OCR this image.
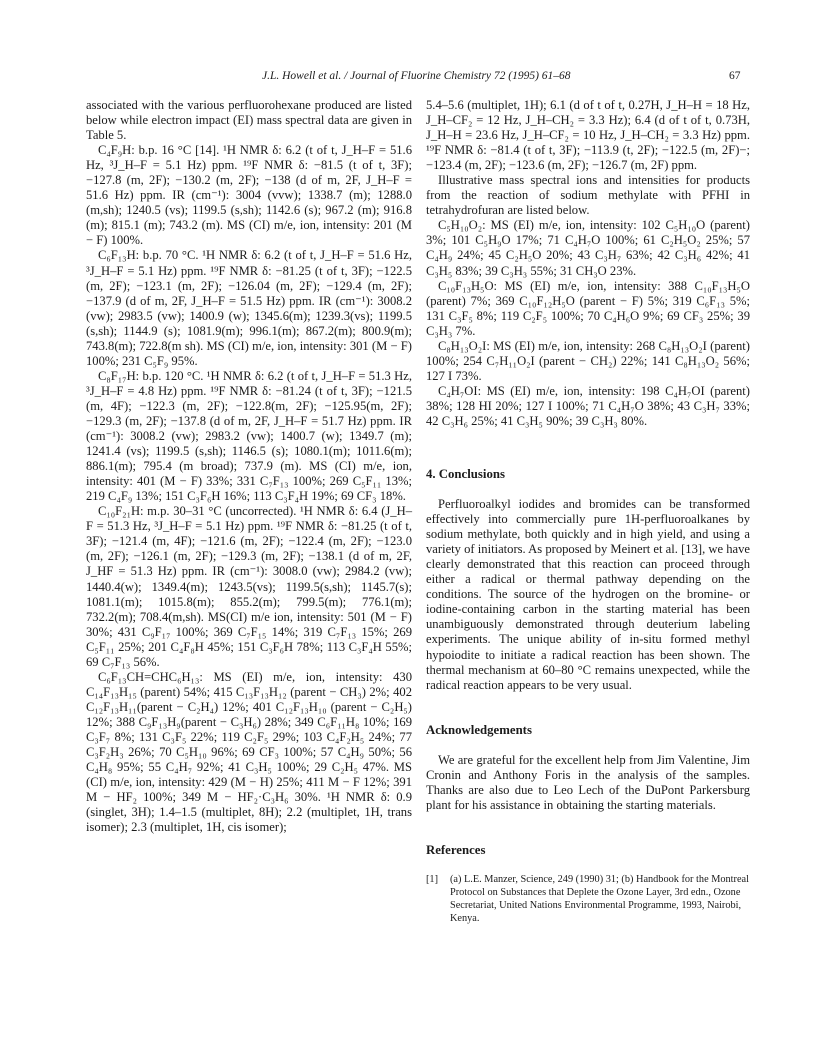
J.L. Howell et al. / Journal of Fluorine Chemistry 72 (1995) 61–68	67

associated with the various perfluorohexane produced are listed below while electron impact (EI) mass spectral data are given in Table 5.

C₄F₉H: b.p. 16 °C [14]. ¹H NMR δ: 6.2 (t of t, J_H–F = 51.6 Hz, ³J_H–F = 5.1 Hz) ppm. ¹⁹F NMR δ: −81.5 (t of t, 3F); −127.8 (m, 2F); −130.2 (m, 2F); −138 (d of m, 2F, J_H–F = 51.6 Hz) ppm. IR (cm⁻¹): 3004 (vvw); 1338.7 (m); 1288.0 (m,sh); 1240.5 (vs); 1199.5 (s,sh); 1142.6 (s); 967.2 (m); 916.8 (m); 815.1 (m); 743.2 (m). MS (CI) m/e, ion, intensity: 201 (M − F) 100%.

C₆F₁₃H: b.p. 70 °C. ¹H NMR δ: 6.2 (t of t, J_H–F = 51.6 Hz, ³J_H–F = 5.1 Hz) ppm. ¹⁹F NMR δ: −81.25 (t of t, 3F); −122.5 (m, 2F); −123.1 (m, 2F); −126.04 (m, 2F); −129.4 (m, 2F); −137.9 (d of m, 2F, J_H–F = 51.5 Hz) ppm. IR (cm⁻¹): 3008.2 (vw); 2983.5 (vw); 1400.9 (w); 1345.6(m); 1239.3(vs); 1199.5 (s,sh); 1144.9 (s); 1081.9(m); 996.1(m); 867.2(m); 800.9(m); 743.8(m); 722.8(m sh). MS (CI) m/e, ion, intensity: 301 (M − F) 100%; 231 C₅F₉ 95%.

C₈F₁₇H: b.p. 120 °C. ¹H NMR δ: 6.2 (t of t, J_H–F = 51.3 Hz, ³J_H–F = 4.8 Hz) ppm. ¹⁹F NMR δ: −81.24 (t of t, 3F); −121.5 (m, 4F); −122.3 (m, 2F); −122.8(m, 2F); −125.95(m, 2F); −129.3 (m, 2F); −137.8 (d of m, 2F, J_H–F = 51.7 Hz) ppm. IR (cm⁻¹): 3008.2 (vw); 2983.2 (vw); 1400.7 (w); 1349.7 (m); 1241.4 (vs); 1199.5 (s,sh); 1146.5 (s); 1080.1(m); 1011.6(m); 886.1(m); 795.4 (m broad); 737.9 (m). MS (CI) m/e, ion, intensity: 401 (M − F) 33%; 331 C₇F₁₃ 100%; 269 C₅F₁₁ 13%; 219 C₄F₉ 13%; 151 C₃F₆H 16%; 113 C₃F₄H 19%; 69 CF₃ 18%.

C₁₀F₂₁H: m.p. 30–31 °C (uncorrected). ¹H NMR δ: 6.4 (J_H–F = 51.3 Hz, ³J_H–F = 5.1 Hz) ppm. ¹⁹F NMR δ: −81.25 (t of t, 3F); −121.4 (m, 4F); −121.6 (m, 2F); −122.4 (m, 2F); −123.0 (m, 2F); −126.1 (m, 2F); −129.3 (m, 2F); −138.1 (d of m, 2F, J_HF = 51.3 Hz) ppm. IR (cm⁻¹): 3008.0 (vw); 2984.2 (vw); 1440.4(w); 1349.4(m); 1243.5(vs); 1199.5(s,sh); 1145.7(s); 1081.1(m); 1015.8(m); 855.2(m); 799.5(m); 776.1(m); 732.2(m); 708.4(m,sh). MS(CI) m/e ion, intensity: 501 (M − F) 30%; 431 C₉F₁₇ 100%; 369 C₇F₁₅ 14%; 319 C₇F₁₃ 15%; 269 C₅F₁₁ 25%; 201 C₄F₈H 45%; 151 C₃F₆H 78%; 113 C₃F₄H 55%; 69 C₇F₁₃ 56%.

C₆F₁₃CH=CHC₆H₁₃: MS (EI) m/e, ion, intensity: 430 C₁₄F₁₃H₁₅ (parent) 54%; 415 C₁₃F₁₃H₁₂ (parent − CH₃) 2%; 402 C₁₂F₁₃H₁₁(parent − C₂H₄) 12%; 401 C₁₂F₁₃H₁₀ (parent − C₂H₅) 12%; 388 C₉F₁₃H₉(parent − C₃H₆) 28%; 349 C₆F₁₁H₈ 10%; 169 C₃F₇ 8%; 131 C₃F₅ 22%; 119 C₂F₅ 29%; 103 C₄F₂H₅ 24%; 77 C₃F₂H₃ 26%; 70 C₅H₁₀ 96%; 69 CF₃ 100%; 57 C₄H₉ 50%; 56 C₄H₈ 95%; 55 C₄H₇ 92%; 41 C₃H₅ 100%; 29 C₂H₅ 47%. MS (CI) m/e, ion, intensity: 429 (M − H) 25%; 411 M − F 12%; 391 M − HF₂ 100%; 349 M − HF₂·C₃H₆ 30%. ¹H NMR δ: 0.9 (singlet, 3H); 1.4–1.5 (multiplet, 8H); 2.2 (multiplet, 1H, trans isomer); 2.3 (multiplet, 1H, cis isomer);

5.4–5.6 (multiplet, 1H); 6.1 (d of t of t, 0.27H, J_H–H = 18 Hz, J_H–CF₂ = 12 Hz, J_H–CH₂ = 3.3 Hz); 6.4 (d of t of t, 0.73H, J_H–H = 23.6 Hz, J_H–CF₂ = 10 Hz, J_H–CH₂ = 3.3 Hz) ppm. ¹⁹F NMR δ: −81.4 (t of t, 3F); −113.9 (t, 2F); −122.5 (m, 2F)−; −123.4 (m, 2F); −123.6 (m, 2F); −126.7 (m, 2F) ppm.

Illustrative mass spectral ions and intensities for products from the reaction of sodium methylate with PFHI in tetrahydrofuran are listed below.

C₅H₁₀O₂: MS (EI) m/e, ion, intensity: 102 C₅H₁₀O (parent) 3%; 101 C₅H₉O 17%; 71 C₄H₇O 100%; 61 C₂H₅O₂ 25%; 57 C₄H₉ 24%; 45 C₂H₅O 20%; 43 C₃H₇ 63%; 42 C₃H₆ 42%; 41 C₃H₅ 83%; 39 C₃H₃ 55%; 31 CH₃O 23%.

C₁₀F₁₃H₅O: MS (EI) m/e, ion, intensity: 388 C₁₀F₁₃H₅O (parent) 7%; 369 C₁₀F₁₂H₅O (parent − F) 5%; 319 C₆F₁₃ 5%; 131 C₃F₅ 8%; 119 C₂F₅ 100%; 70 C₄H₆O 9%; 69 CF₃ 25%; 39 C₃H₃ 7%.

C₈H₁₃O₂I: MS (EI) m/e, ion, intensity: 268 C₈H₁₃O₂I (parent) 100%; 254 C₇H₁₁O₂I (parent − CH₂) 22%; 141 C₈H₁₃O₂ 56%; 127 I 73%.

C₄H₇OI: MS (EI) m/e, ion, intensity: 198 C₄H₇OI (parent) 38%; 128 HI 20%; 127 I 100%; 71 C₄H₇O 38%; 43 C₃H₇ 33%; 42 C₃H₆ 25%; 41 C₃H₅ 90%; 39 C₃H₃ 80%.

4. Conclusions

Perfluoroalkyl iodides and bromides can be transformed effectively into commercially pure 1H-perfluoroalkanes by sodium methylate, both quickly and in high yield, and using a variety of initiators. As proposed by Meinert et al. [13], we have clearly demonstrated that this reaction can proceed through either a radical or thermal pathway depending on the conditions. The source of the hydrogen on the bromine- or iodine-containing carbon in the starting material has been unambiguously demonstrated through deuterium labeling experiments. The unique ability of in-situ formed methyl hypoiodite to initiate a radical reaction has been shown. The thermal mechanism at 60–80 °C remains unexpected, while the radical reaction appears to be very usual.

Acknowledgements

We are grateful for the excellent help from Jim Valentine, Jim Cronin and Anthony Foris in the analysis of the samples. Thanks are also due to Leo Lech of the DuPont Parkersburg plant for his assistance in obtaining the starting materials.

References
[1]	(a) L.E. Manzer, Science, 249 (1990) 31; (b) Handbook for the Montreal Protocol on Substances that Deplete the Ozone Layer, 3rd edn., Ozone Secretariat, United Nations Environmental Programme, 1993, Nairobi, Kenya.
